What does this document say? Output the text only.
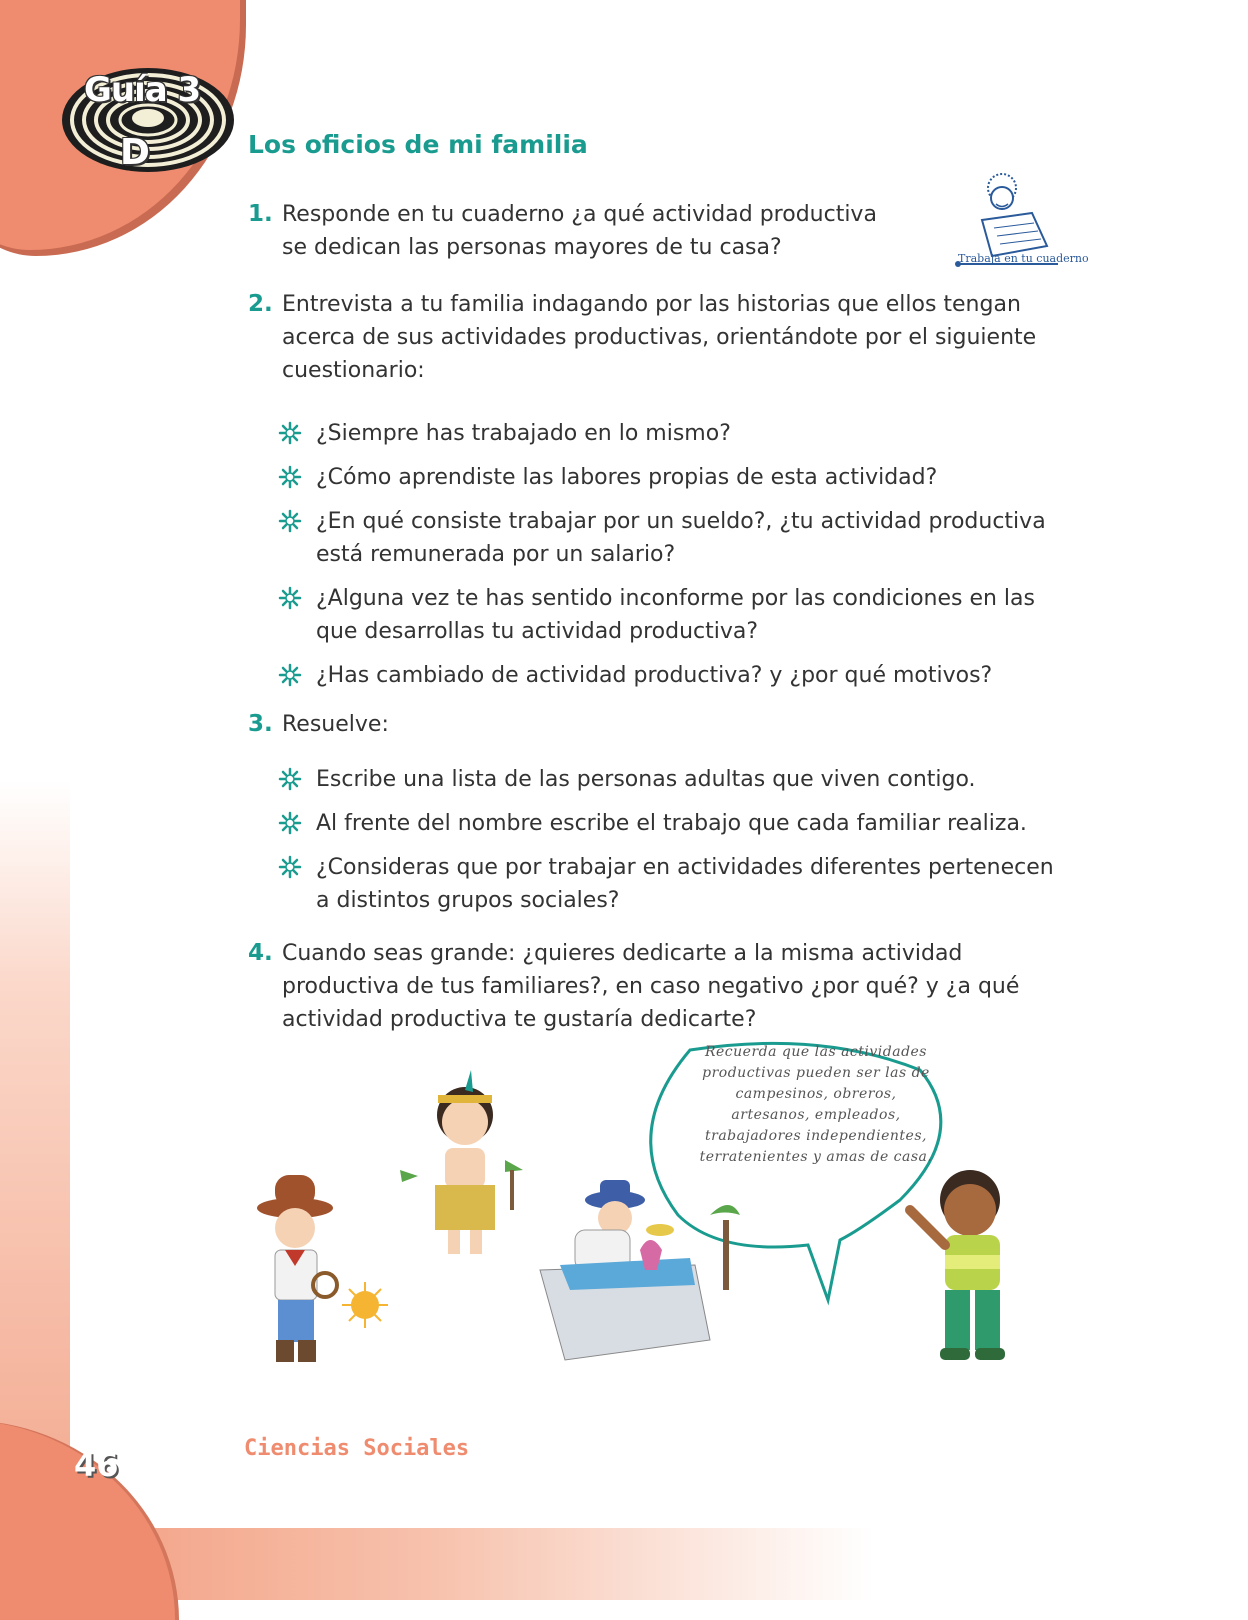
Guía 3
D	Los oficios de mi familia
Trabaja en tu cuaderno
1. Responde en tu cuaderno ¿a qué actividad productiva se dedican las personas mayores de tu casa?
2. Entrevista a tu familia indagando por las historias que ellos tengan acerca de sus actividades productivas, orientándote por el siguiente cuestionario:
¿Siempre has trabajado en lo mismo?
¿Cómo aprendiste las labores propias de esta actividad?
¿En qué consiste trabajar por un sueldo?, ¿tu actividad productiva está remunerada por un salario?
¿Alguna vez te has sentido inconforme por las condiciones en las que desarrollas tu actividad productiva?
¿Has cambiado de actividad productiva? y ¿por qué motivos?
3. Resuelve:
Escribe una lista de las personas adultas que viven contigo.
Al frente del nombre escribe el trabajo que cada familiar realiza.
¿Consideras que por trabajar en actividades diferentes pertenecen a distintos grupos sociales?
4. Cuando seas grande: ¿quieres dedicarte a la misma actividad productiva de tus familiares?, en caso negativo ¿por qué? y ¿a qué actividad productiva te gustaría dedicarte?
Recuerda que las actividades productivas pueden ser las de campesinos, obreros, artesanos, empleados, trabajadores independientes, terratenientes y amas de casa.
Ciencias Sociales
46
